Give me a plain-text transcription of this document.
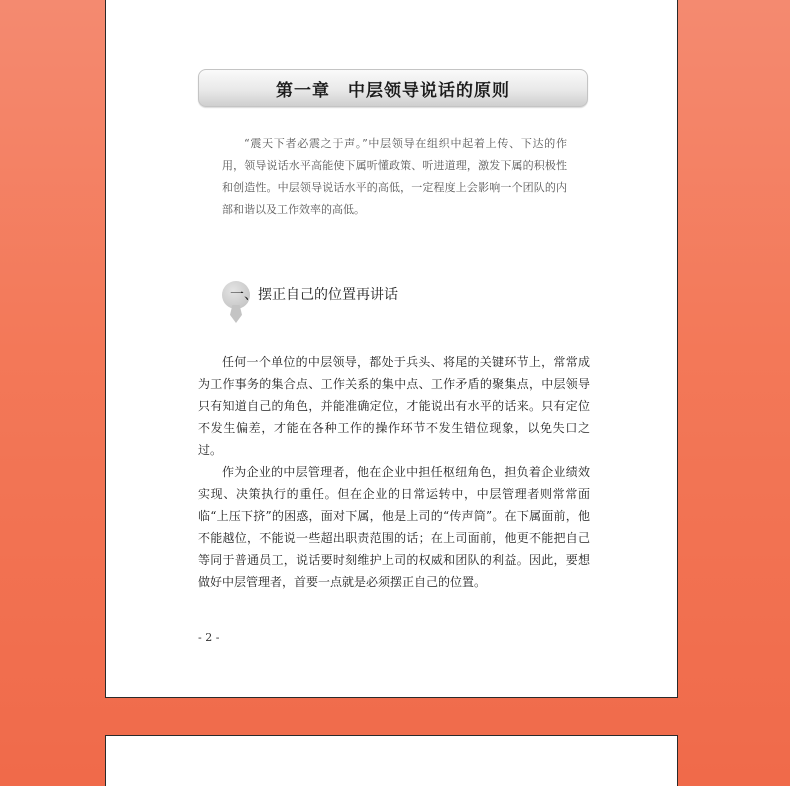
第一章　中层领导说话的原则

“震天下者必震之于声。”中层领导在组织中起着上传、下达的作用，领导说话水平高能使下属听懂政策、听进道理，激发下属的积极性和创造性。中层领导说话水平的高低，一定程度上会影响一个团队的内部和谐以及工作效率的高低。

一、摆正自己的位置再讲话

任何一个单位的中层领导，都处于兵头、将尾的关键环节上，常常成为工作事务的集合点、工作关系的集中点、工作矛盾的聚集点，中层领导只有知道自己的角色，并能准确定位，才能说出有水平的话来。只有定位不发生偏差，才能在各种工作的操作环节不发生错位现象，以免失口之过。

作为企业的中层管理者，他在企业中担任枢纽角色，担负着企业绩效实现、决策执行的重任。但在企业的日常运转中，中层管理者则常常面临“上压下挤”的困惑，面对下属，他是上司的“传声筒”。在下属面前，他不能越位，不能说一些超出职责范围的话；在上司面前，他更不能把自己等同于普通员工，说话要时刻维护上司的权威和团队的利益。因此，要想做好中层管理者，首要一点就是必须摆正自己的位置。

- 2 -
